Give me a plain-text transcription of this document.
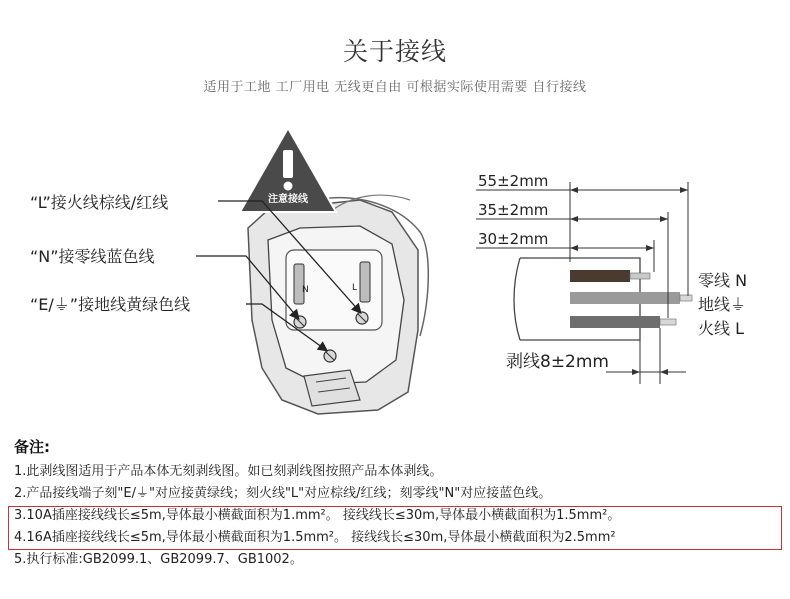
关于接线
适用于工地 工厂用电 无线更自由 可根据实际使用需要 自行接线
N	L
注意接线
“L”接火线棕线/红线
“N”接零线蓝色线
“E/⏚”接地线黄绿色线
55±2mm
35±2mm
30±2mm
剥线8±2mm
零线 N
地线⏚
火线 L
备注:
1.此剥线图适用于产品本体无刻剥线图。如已刻剥线图按照产品本体剥线。
2.产品接线端子刻"E/⏚"对应接黄绿线；刻火线"L"对应棕线/红线；刻零线"N"对应接蓝色线。
3.10A插座接线线长≤5m,导体最小横截面积为1.mm²。 接线线长≤30m,导体最小横截面积为1.5mm²。
4.16A插座接线线长≤5m,导体最小横截面积为1.5mm²。 接线线长≤30m,导体最小横截面积为2.5mm²
5.执行标准:GB2099.1、GB2099.7、GB1002。
